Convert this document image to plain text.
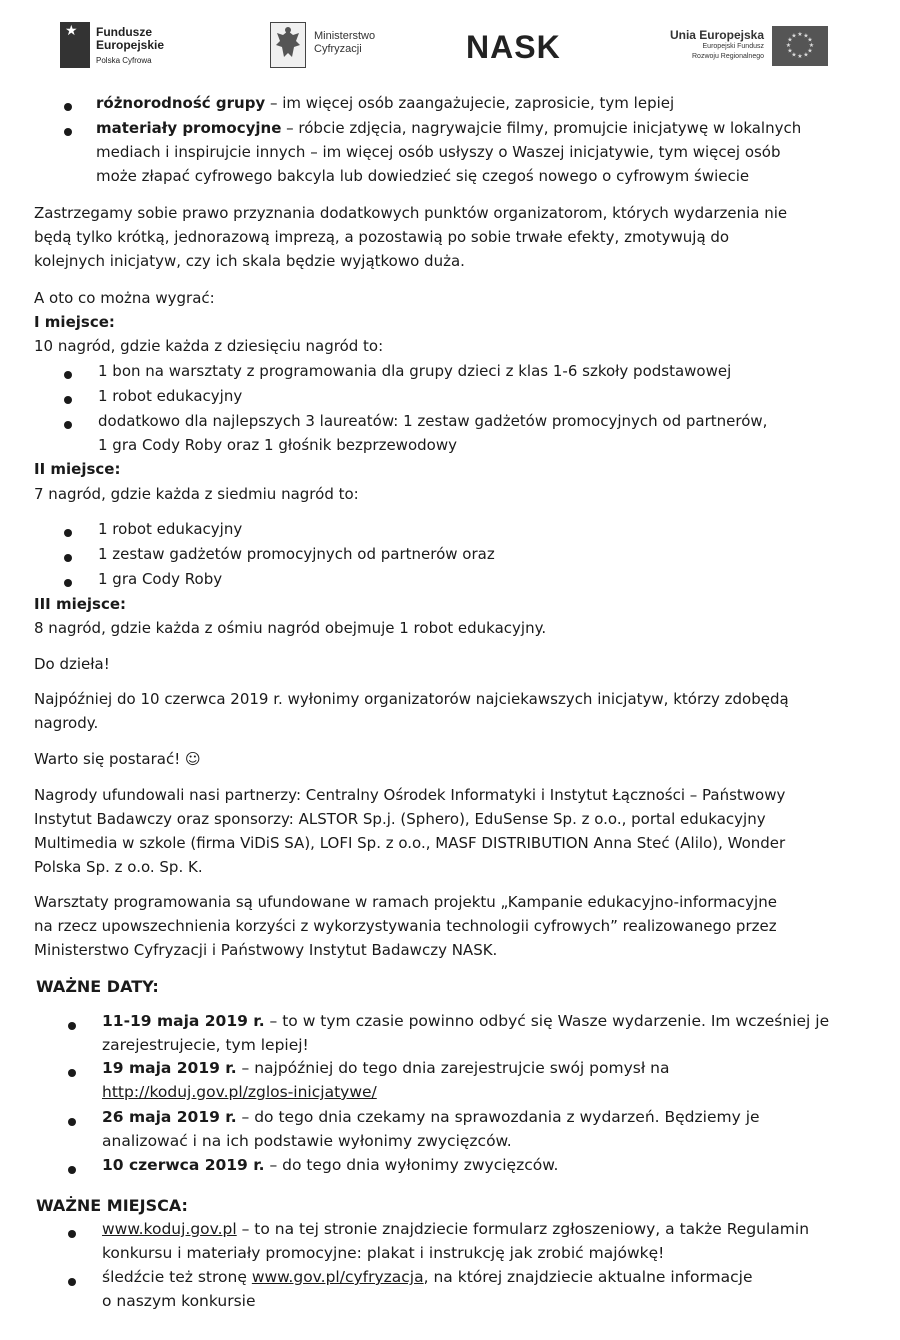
★ Fundusze
Europejskie
Polska Cyfrowa
Ministerstwo
Cyfryzacji	NASK	Unia Europejska
Europejski Fundusz
Rozwoju Regionalnego
★ ★
★
★
★
★
★
★
★
★
★
★
różnorodność grupy – im więcej osób zaangażujecie, zaprosicie, tym lepiej
materiały promocyjne – róbcie zdjęcia, nagrywajcie filmy, promujcie inicjatywę w lokalnych
mediach i inspirujcie innych – im więcej osób usłyszy o Waszej inicjatywie, tym więcej osób
może złapać cyfrowego bakcyla lub dowiedzieć się czegoś nowego o cyfrowym świecie
Zastrzegamy sobie prawo przyznania dodatkowych punktów organizatorom, których wydarzenia nie
będą tylko krótką, jednorazową imprezą, a pozostawią po sobie trwałe efekty, zmotywują do
kolejnych inicjatyw, czy ich skala będzie wyjątkowo duża.
A oto co można wygrać:
I miejsce:
10 nagród, gdzie każda z dziesięciu nagród to:
1 bon na warsztaty z programowania dla grupy dzieci z klas 1-6 szkoły podstawowej
1 robot edukacyjny
dodatkowo dla najlepszych 3 laureatów: 1 zestaw gadżetów promocyjnych od partnerów,
1 gra Cody Roby oraz 1 głośnik bezprzewodowy
II miejsce:
7 nagród, gdzie każda z siedmiu nagród to:
1 robot edukacyjny
1 zestaw gadżetów promocyjnych od partnerów oraz
1 gra Cody Roby
III miejsce:
8 nagród, gdzie każda z ośmiu nagród obejmuje 1 robot edukacyjny.
Do dzieła!
Najpóźniej do 10 czerwca 2019 r. wyłonimy organizatorów najciekawszych inicjatyw, którzy zdobędą
nagrody.
Warto się postarać! ☺
Nagrody ufundowali nasi partnerzy: Centralny Ośrodek Informatyki i Instytut Łączności – Państwowy
Instytut Badawczy oraz sponsorzy: ALSTOR Sp.j. (Sphero), EduSense Sp. z o.o., portal edukacyjny
Multimedia w szkole (firma ViDiS SA), LOFI Sp. z o.o., MASF DISTRIBUTION Anna Steć (Alilo), Wonder
Polska Sp. z o.o. Sp. K.
Warsztaty programowania są ufundowane w ramach projektu „Kampanie edukacyjno-informacyjne
na rzecz upowszechnienia korzyści z wykorzystywania technologii cyfrowych” realizowanego przez
Ministerstwo Cyfryzacji i Państwowy Instytut Badawczy NASK.
WAŻNE DATY:
11-19 maja 2019 r. – to w tym czasie powinno odbyć się Wasze wydarzenie. Im wcześniej je
zarejestrujecie, tym lepiej!
19 maja 2019 r. – najpóźniej do tego dnia zarejestrujcie swój pomysł na
http://koduj.gov.pl/zglos-inicjatywe/
26 maja 2019 r. – do tego dnia czekamy na sprawozdania z wydarzeń. Będziemy je
analizować i na ich podstawie wyłonimy zwycięzców.
10 czerwca 2019 r. – do tego dnia wyłonimy zwycięzców.
WAŻNE MIEJSCA:
www.koduj.gov.pl – to na tej stronie znajdziecie formularz zgłoszeniowy, a także Regulamin
konkursu i materiały promocyjne: plakat i instrukcję jak zrobić majówkę!
śledźcie też stronę www.gov.pl/cyfryzacja, na której znajdziecie aktualne informacje
o naszym konkursie
